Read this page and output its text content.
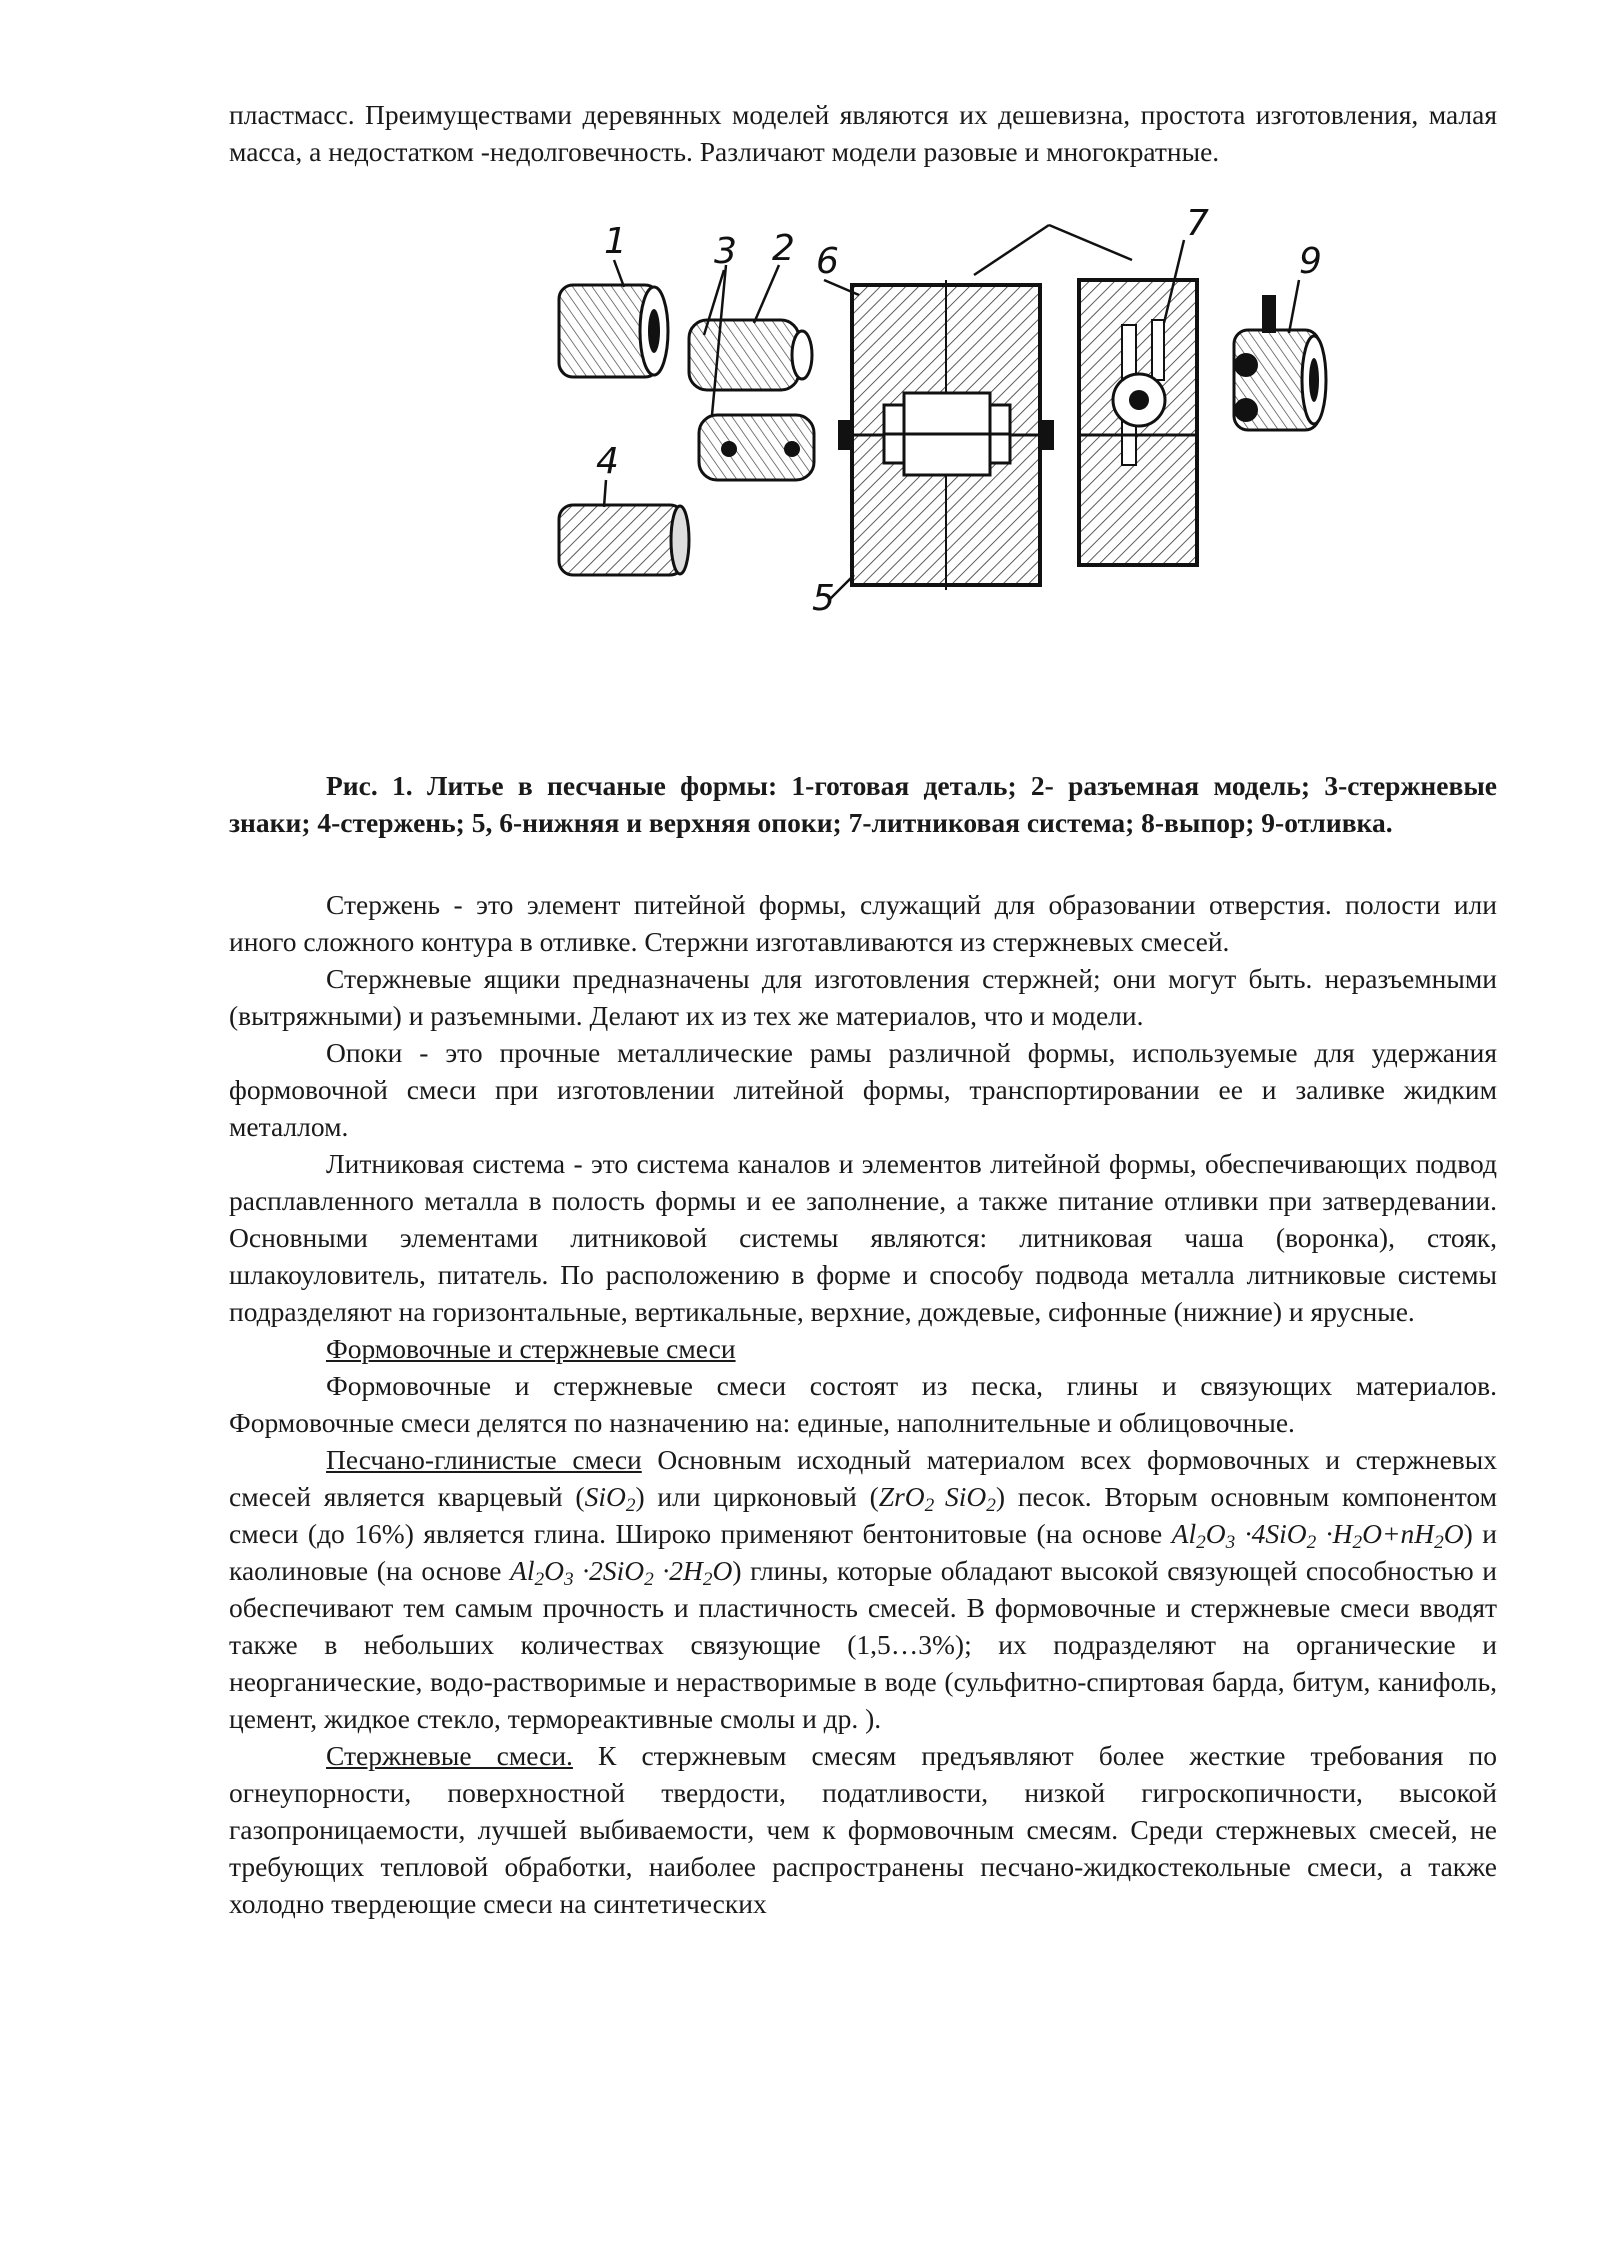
пластмасс. Преимуществами деревянных моделей являются их дешевизна, простота изготовления, малая масса, а недостатком -недолговечность. Различают модели разовые и многократные.

1 3 2 6
4
5
7
9

Рис. 1. Литье в песчаные формы: 1-готовая деталь; 2- разъемная модель; 3-стержневые знаки; 4-стержень; 5, 6-нижняя и верхняя опоки; 7-литниковая система; 8-выпор; 9-отливка.

Стержень - это элемент питейной формы, служащий для образовании отверстия. полости или иного сложного контура в отливке. Стержни изготавливаются из стержневых смесей.

Стержневые ящики предназначены для изготовления стержней; они могут быть. неразъемными (вытряжными) и разъемными. Делают их из тех же материалов, что и модели.

Опоки - это прочные металлические рамы различной формы, используемые для удержания формовочной смеси при изготовлении литейной формы, транспортировании ее и заливке жидким металлом.

Литниковая система - это система каналов и элементов литейной формы, обеспечивающих подвод расплавленного металла в полость формы и ее заполнение, а также питание отливки при затвердевании. Основными элементами литниковой системы являются: литниковая чаша (воронка), стояк, шлакоуловитель, питатель. По расположению в форме и способу подвода металла литниковые системы подразделяют на горизонтальные, вертикальные, верхние, дождевые, сифонные (нижние) и ярусные.

Формовочные и стержневые смеси

Формовочные и стержневые смеси состоят из песка, глины и связующих материалов. Формовочные смеси делятся по назначению на: единые, наполнительные и облицовочные.

Песчано-глинистые смеси Основным исходный материалом всех формовочных и стержневых смесей является кварцевый (SiO$_2$) или цирконовый (ZrO$_2$ SiO$_2$) песок. Вторым основным компонентом смеси (до 16%) является глина. Широко применяют бентонитовые (на основе $Al_2O_3 \cdot 4SiO_2 \cdot H_2O+nH_2O$) и каолиновые (на основе $Al_2O_3 \cdot 2SiO_2 \cdot 2H_2O$) глины, которые обладают высокой связующей способностью и обеспечивают тем самым прочность и пластичность смесей. В формовочные и стержневые смеси вводят также в небольших количествах связующие (1,5…3%); их подразделяют на органические и неорганические, водо-растворимые и нерастворимые в воде (сульфитно-спиртовая барда, битум, канифоль, цемент, жидкое стекло, термореактивные смолы и др. ).

Стержневые смеси. К стержневым смесям предъявляют более жесткие требования по огнеупорности, поверхностной твердости, податливости, низкой гигроскопичности, высокой газопроницаемости, лучшей выбиваемости, чем к формовочным смесям. Среди стержневых смесей, не требующих тепловой обработки, наиболее распространены песчано-жидкостекольные смеси, а также холодно твердеющие смеси на синтетических
